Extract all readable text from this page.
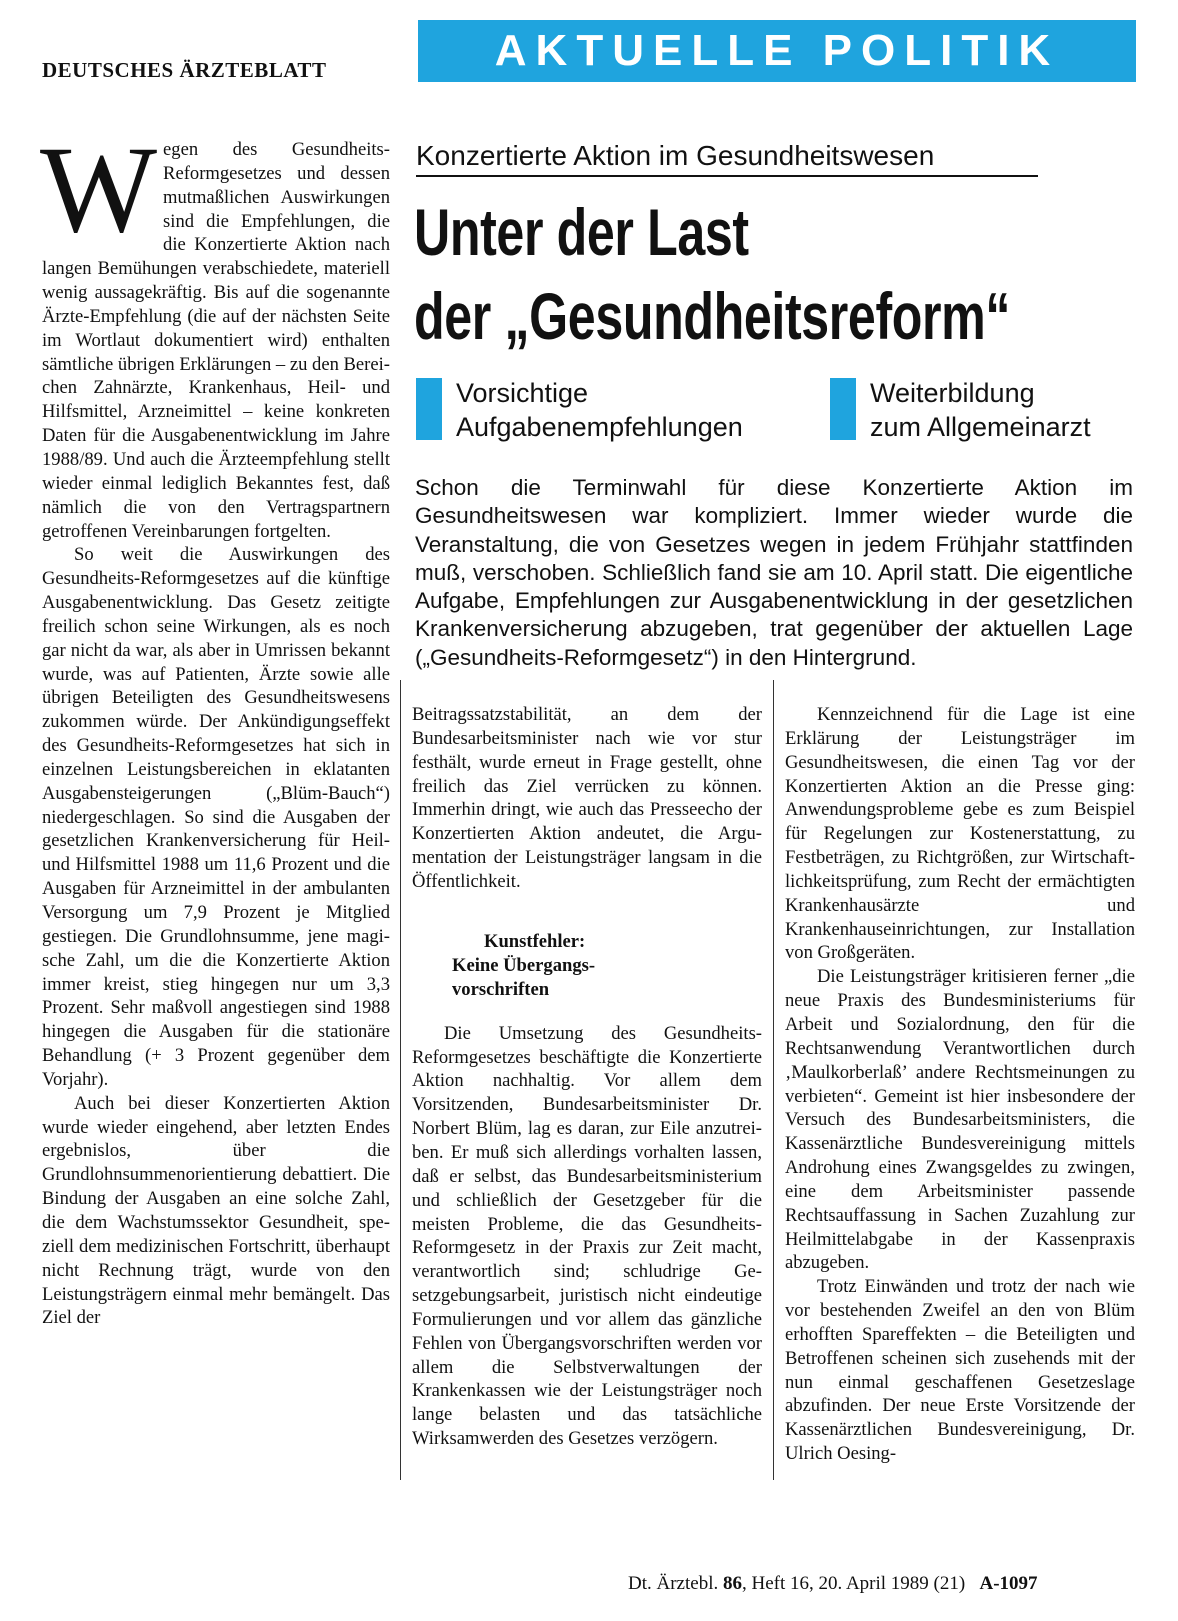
DEUTSCHES ÄRZTEBLATT	AKTUELLE POLITIK

Wegen des Gesundheits-Reformgesetzes und dessen mutmaßlichen Auswirkungen sind die Empfehlungen, die die Konzertierte Aktion nach langen Bemühungen verabschiedete, materiell wenig aussagekräftig. Bis auf die sogenannte Ärzte-Empfehlung (die auf der nächsten Seite im Wortlaut dokumentiert wird) enthalten sämtliche übrigen Erklärungen – zu den Bereichen Zahnärzte, Krankenhaus, Heil- und Hilfsmittel, Arzneimittel – keine konkreten Daten für die Ausgabenentwicklung im Jahre 1988/89. Und auch die Ärzteempfehlung stellt wieder einmal lediglich Bekanntes fest, daß nämlich die von den Vertragspartnern getroffenen Vereinbarungen fortgelten.

So weit die Auswirkungen des Gesundheits-Reformgesetzes auf die künftige Ausgabenentwicklung. Das Gesetz zeitigte freilich schon seine Wirkungen, als es noch gar nicht da war, als aber in Umrissen bekannt wurde, was auf Patienten, Ärzte sowie alle übrigen Beteiligten des Gesundheitswesens zukommen würde. Der Ankündigungseffekt des Gesundheits-Reformgesetzes hat sich in einzelnen Leistungsbereichen in eklatanten Ausgabensteigerungen („Blüm-Bauch“) niedergeschlagen. So sind die Ausgaben der gesetzlichen Krankenversicherung für Heil- und Hilfsmittel 1988 um 11,6 Prozent und die Ausgaben für Arzneimittel in der ambulanten Versorgung um 7,9 Prozent je Mitglied gestiegen. Die Grundlohnsumme, jene magische Zahl, um die die Konzertierte Aktion immer kreist, stieg hingegen nur um 3,3 Prozent. Sehr maßvoll angestiegen sind 1988 hingegen die Ausgaben für die stationäre Behandlung (+ 3 Prozent gegenüber dem Vorjahr).

Auch bei dieser Konzertierten Aktion wurde wieder eingehend, aber letzten Endes ergebnislos, über die Grundlohnsummenorientierung debattiert. Die Bindung der Ausgaben an eine solche Zahl, die dem Wachstumssektor Gesundheit, speziell dem medizinischen Fortschritt, überhaupt nicht Rechnung trägt, wurde von den Leistungsträgern einmal mehr bemängelt. Das Ziel der

Konzertierte Aktion im Gesundheitswesen
Unter der Last
der „Gesundheitsreform“
Vorsichtige
Aufgabenempfehlungen
Weiterbildung
zum Allgemeinarzt
Schon die Terminwahl für diese Konzertierte Aktion im Gesundheitswesen war kompliziert. Immer wieder wurde die Veranstaltung, die von Gesetzes wegen in jedem Frühjahr stattfinden muß, verschoben. Schließlich fand sie am 10. April statt. Die eigentliche Aufgabe, Empfehlungen zur Ausgabenentwicklung in der gesetzlichen Krankenversicherung abzugeben, trat gegenüber der aktuellen Lage („Gesundheits-Reformgesetz“) in den Hintergrund.

Beitragssatzstabilität, an dem der Bundesarbeitsminister nach wie vor stur festhält, wurde erneut in Frage gestellt, ohne freilich das Ziel verrücken zu können. Immerhin dringt, wie auch das Presseecho der Konzertierten Aktion andeutet, die Argumentation der Leistungsträger langsam in die Öffentlichkeit.

Kunstfehler:
Keine Übergangs-
vorschriften

Die Umsetzung des Gesundheits-Reformgesetzes beschäftigte die Konzertierte Aktion nachhaltig. Vor allem dem Vorsitzenden, Bundesarbeitsminister Dr. Norbert Blüm, lag es daran, zur Eile anzutreiben. Er muß sich allerdings vorhalten lassen, daß er selbst, das Bundesarbeitsministerium und schließlich der Gesetzgeber für die meisten Probleme, die das Gesundheits-Reformgesetz in der Praxis zur Zeit macht, verantwortlich sind; schludrige Gesetzgebungsarbeit, juristisch nicht eindeutige Formulierungen und vor allem das gänzliche Fehlen von Übergangsvorschriften werden vor allem die Selbstverwaltungen der Krankenkassen wie der Leistungsträger noch lange belasten und das tatsächliche Wirksamwerden des Gesetzes verzögern.

Kennzeichnend für die Lage ist eine Erklärung der Leistungsträger im Gesundheitswesen, die einen Tag vor der Konzertierten Aktion an die Presse ging: Anwendungsprobleme gebe es zum Beispiel für Regelungen zur Kostenerstattung, zu Festbeträgen, zu Richtgrößen, zur Wirtschaftlichkeitsprüfung, zum Recht der ermächtigten Krankenhausärzte und Krankenhauseinrichtungen, zur Installation von Großgeräten.

Die Leistungsträger kritisieren ferner „die neue Praxis des Bundesministeriums für Arbeit und Sozialordnung, den für die Rechtsanwendung Verantwortlichen durch ‚Maulkorberlaß’ andere Rechtsmeinungen zu verbieten“. Gemeint ist hier insbesondere der Versuch des Bundesarbeitsministers, die Kassenärztliche Bundesvereinigung mittels Androhung eines Zwangsgeldes zu zwingen, eine dem Arbeitsminister passende Rechtsauffassung in Sachen Zuzahlung zur Heilmittelabgabe in der Kassenpraxis abzugeben.

Trotz Einwänden und trotz der nach wie vor bestehenden Zweifel an den von Blüm erhofften Spareffekten – die Beteiligten und Betroffenen scheinen sich zusehends mit der nun einmal geschaffenen Gesetzeslage abzufinden. Der neue Erste Vorsitzende der Kassenärztlichen Bundesvereinigung, Dr. Ulrich Oesing-

Dt. Ärztebl. 86, Heft 16, 20. April 1989 (21) A-1097
